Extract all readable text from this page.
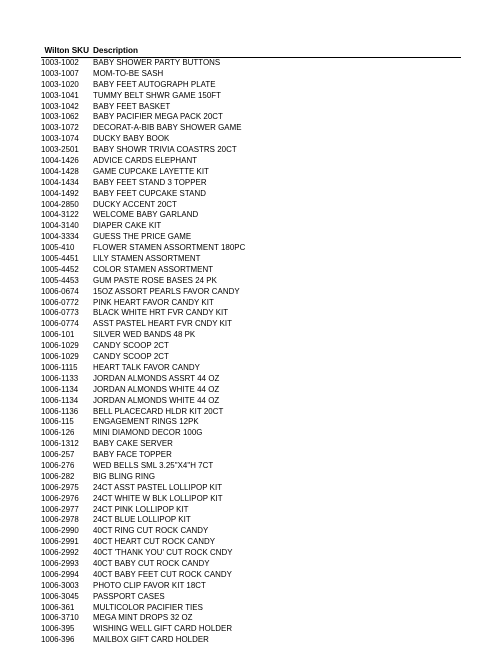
Wilton SKU Description
1003-1002	BABY SHOWER PARTY BUTTONS
1003-1007	MOM-TO-BE SASH
1003-1020	BABY FEET AUTOGRAPH PLATE
1003-1041	TUMMY BELT SHWR GAME 150FT
1003-1042	BABY FEET BASKET
1003-1062	BABY PACIFIER MEGA PACK 20CT
1003-1072	DECORAT-A-BIB BABY SHOWER GAME
1003-1074	DUCKY BABY BOOK
1003-2501	BABY SHOWR TRIVIA COASTRS 20CT
1004-1426	ADVICE CARDS ELEPHANT
1004-1428	GAME CUPCAKE LAYETTE KIT
1004-1434	BABY FEET STAND 3 TOPPER
1004-1492	BABY FEET CUPCAKE STAND
1004-2850	DUCKY ACCENT 20CT
1004-3122	WELCOME BABY GARLAND
1004-3140	DIAPER CAKE KIT
1004-3334	GUESS THE PRICE GAME
1005-410	FLOWER STAMEN ASSORTMENT 180PC
1005-4451	LILY STAMEN ASSORTMENT
1005-4452	COLOR STAMEN ASSORTMENT
1005-4453	GUM PASTE ROSE BASES 24 PK
1006-0674	15OZ ASSORT PEARLS FAVOR CANDY
1006-0772	PINK HEART FAVOR CANDY KIT
1006-0773	BLACK WHITE HRT FVR CANDY KIT
1006-0774	ASST PASTEL HEART FVR CNDY KIT
1006-101	SILVER WED BANDS 48 PK
1006-1029	CANDY SCOOP 2CT
1006-1029	CANDY SCOOP 2CT
1006-1115	HEART TALK FAVOR CANDY
1006-1133	JORDAN ALMONDS ASSRT 44 OZ
1006-1134	JORDAN ALMONDS WHITE 44 OZ
1006-1134	JORDAN ALMONDS WHITE 44 OZ
1006-1136	BELL PLACECARD HLDR KIT 20CT
1006-115	ENGAGEMENT RINGS 12PK
1006-126	MINI DIAMOND DECOR 100G
1006-1312	BABY CAKE SERVER
1006-257	BABY FACE TOPPER
1006-276	WED BELLS SML 3.25"X4"H 7CT
1006-282	BIG BLING RING
1006-2975	24CT ASST PASTEL LOLLIPOP KIT
1006-2976	24CT WHITE W BLK LOLLIPOP KIT
1006-2977	24CT PINK LOLLIPOP KIT
1006-2978	24CT BLUE LOLLIPOP KIT
1006-2990	40CT RING CUT ROCK CANDY
1006-2991	40CT HEART CUT ROCK CANDY
1006-2992	40CT 'THANK YOU' CUT ROCK CNDY
1006-2993	40CT BABY CUT ROCK CANDY
1006-2994	40CT BABY FEET CUT ROCK CANDY
1006-3003	PHOTO CLIP FAVOR KIT 18CT
1006-3045	PASSPORT CASES
1006-361	MULTICOLOR PACIFIER TIES
1006-3710	MEGA MINT DROPS 32 OZ
1006-395	WISHING WELL GIFT CARD HOLDER
1006-396	MAILBOX GIFT CARD HOLDER
